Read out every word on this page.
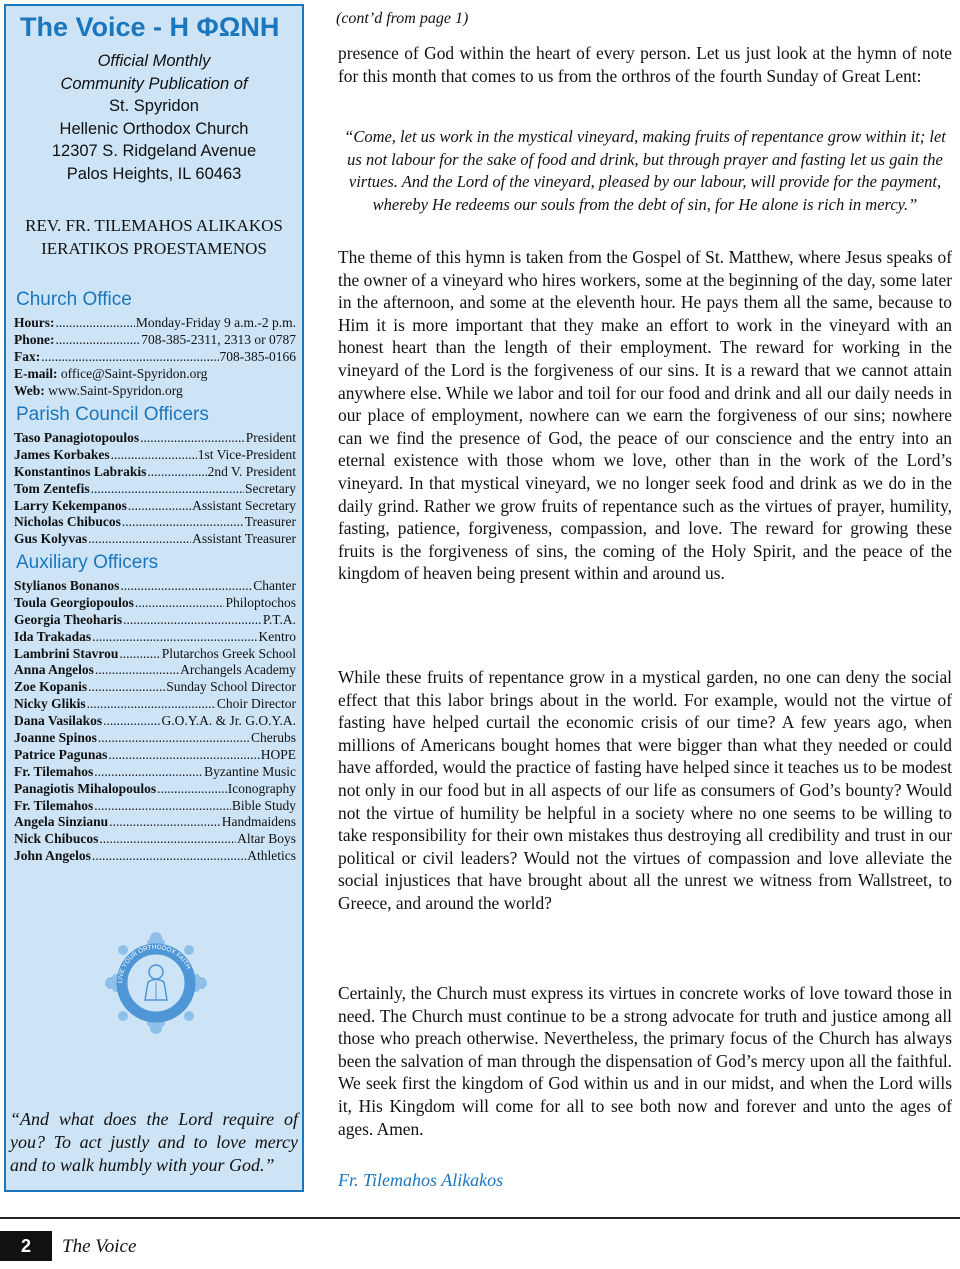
The Voice - Η ΦΩΝΗ
Official Monthly
Community Publication of
St. Spyridon
Hellenic Orthodox Church
12307 S. Ridgeland Avenue
Palos Heights, IL 60463
REV. FR. TILEMAHOS ALIKAKOS
IERATIKOS PROESTAMENOS
Church Office
Hours: .....	Monday-Friday 9 a.m.-2 p.m.
Phone: .....	708-385-2311, 2313 or 0787
Fax: .....	708-385-0166
E-mail:
office@Saint-Spyridon.org
Web:
www.Saint-Spyridon.org
Parish Council Officers
Taso Panagiotopoulos .....	President
James Korbakes .....	1st Vice-President
Konstantinos Labrakis .....	2nd V. President
Tom Zentefis .....	Secretary
Larry Kekempanos .....	Assistant Secretary
Nicholas Chibucos .....	Treasurer
Gus Kolyvas .....	Assistant Treasurer
Auxiliary Officers
Stylianos Bonanos .....	Chanter
Toula Georgiopoulos .....	Philoptochos
Georgia Theoharis .....	P.T.A.
Ida Trakadas .....	Kentro
Lambrini Stavrou .....	Plutarchos Greek School
Anna Angelos .....	Archangels Academy
Zoe Kopanis .....	Sunday School Director
Nicky Glikis .....	Choir Director
Dana Vasilakos .....	G.O.Y.A. & Jr. G.O.Y.A.
Joanne Spinos .....	Cherubs
Patrice Pagunas .....	HOPE
Fr. Tilemahos .....	Byzantine Music
Panagiotis Mihalopoulos .....	Iconography
Fr. Tilemahos .....	Bible Study
Angela Sinzianu .....	Handmaidens
Nick Chibucos .....	Altar Boys
John Angelos .....	Athletics
LIVE YOUR ORTHODOX FAITH
“And what does the Lord require of you? To act justly and to love mercy and to walk humbly with your God.”
(cont’d from page 1)

presence of God within the heart of every person. Let us just look at the hymn of note for this month that comes to us from the orthros of the fourth Sunday of Great Lent:

“Come, let us work in the mystical vineyard, making fruits of repentance grow within it; let us not labour for the sake of food and drink, but through prayer and fasting let us gain the virtues. And the Lord of the vineyard, pleased by our labour, will provide for the payment, whereby He redeems our souls from the debt of sin, for He alone is rich in mercy.”

The theme of this hymn is taken from the Gospel of St. Matthew, where Jesus speaks of the owner of a vineyard who hires workers, some at the beginning of the day, some later in the afternoon, and some at the eleventh hour. He pays them all the same, because to Him it is more important that they make an effort to work in the vineyard with an honest heart than the length of their employment. The reward for working in the vineyard of the Lord is the forgiveness of our sins. It is a reward that we cannot attain anywhere else. While we labor and toil for our food and drink and all our daily needs in our place of employment, nowhere can we earn the forgiveness of our sins; nowhere can we find the presence of God, the peace of our conscience and the entry into an eternal existence with those whom we love, other than in the work of the Lord’s vineyard. In that mystical vineyard, we no longer seek food and drink as we do in the daily grind. Rather we grow fruits of repentance such as the virtues of prayer, humility, fasting, patience, forgiveness, compassion, and love. The reward for growing these fruits is the forgiveness of sins, the coming of the Holy Spirit, and the peace of the kingdom of heaven being present within and around us.

While these fruits of repentance grow in a mystical garden, no one can deny the social effect that this labor brings about in the world. For example, would not the virtue of fasting have helped curtail the economic crisis of our time? A few years ago, when millions of Americans bought homes that were bigger than what they needed or could have afforded, would the practice of fasting have helped since it teaches us to be modest not only in our food but in all aspects of our life as consumers of God’s bounty? Would not the virtue of humility be helpful in a society where no one seems to be willing to take responsibility for their own mistakes thus destroying all credibility and trust in our political or civil leaders? Would not the virtues of compassion and love alleviate the social injustices that have brought about all the unrest we witness from Wallstreet, to Greece, and around the world?

Certainly, the Church must express its virtues in concrete works of love toward those in need. The Church must continue to be a strong advocate for truth and justice among all those who preach otherwise. Nevertheless, the primary focus of the Church has always been the salvation of man through the dispensation of God’s mercy upon all the faithful. We seek first the kingdom of God within us and in our midst, and when the Lord wills it, His Kingdom will come for all to see both now and forever and unto the ages of ages. Amen.

Fr. Tilemahos Alikakos
2	The Voice
